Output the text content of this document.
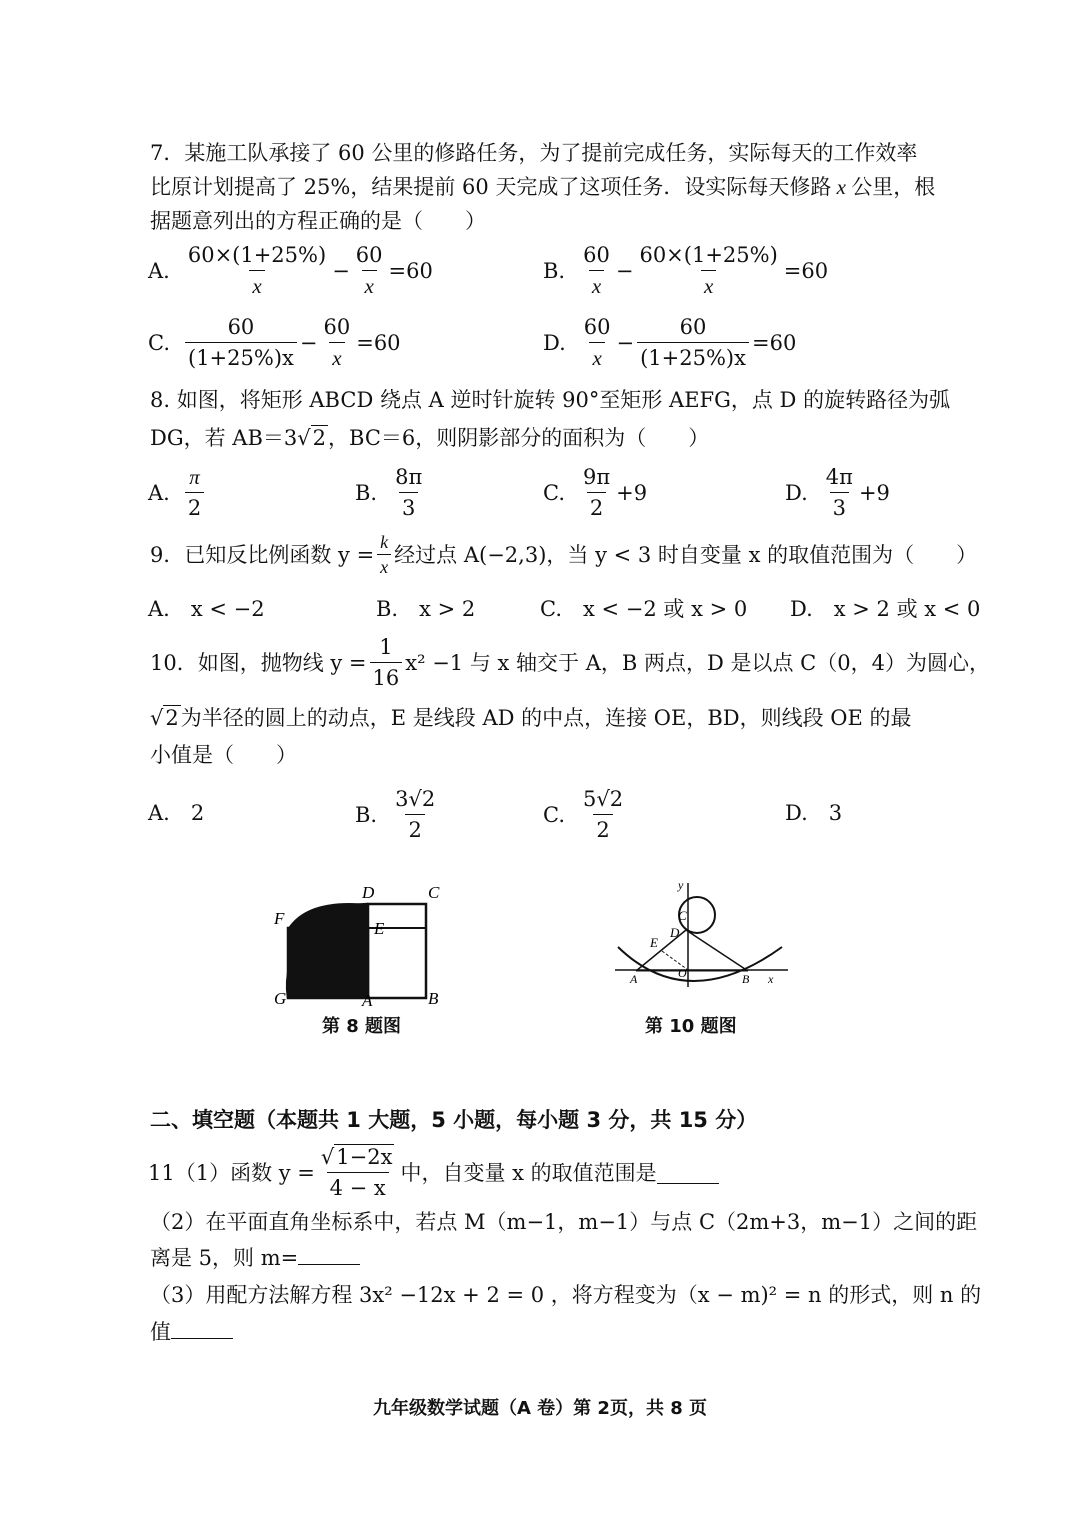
7．某施工队承接了 60 公里的修路任务，为了提前完成任务，实际每天的工作效率
比原计划提高了 25%，结果提前 60 天完成了这项任务．设实际每天修路 x 公里，根
据题意列出的方程正确的是（　　）
A. $\frac{60\times(1+25\%)}{x} - \frac{60}{x} =60$	B. $\frac{60}{x} - \frac{60\times(1+25\%)}{x} =60$
C. $\frac{60}{(1+25\%)x} - \frac{60}{x} =60$	D. $\frac{60}{x} - \frac{60}{(1+25\%)x} =60$
8. 如图，将矩形 ABCD 绕点 A 逆时针旋转 90°至矩形 AEFG，点 D 的旋转路径为弧
DG，若 AB＝3√2，BC＝6，则阴影部分的面积为（　　）
A. $\frac{\pi}{2}$	B. $\frac{8\pi}{3}$	C. $\frac{9\pi}{2} +9$	D. $\frac{4\pi}{3} +9$
9．已知反比例函数 $y = \frac{k}{x}$ 经过点 A(−2,3)，当 y < 3 时自变量 x 的取值范围为（　　）
A.　x < −2	B.　x > 2	C.　x < −2 或 x > 0 D.　x > 2 或 x < 0
10．如图，抛物线 $y = \frac{1}{16} x^2 -1$ 与 x 轴交于 A，B 两点，D 是以点 C（0，4）为圆心，
√2为半径的圆上的动点，E 是线段 AD 的中点，连接 OE，BD，则线段 OE 的最
小值是（　　）
A.　2	B. $\frac{3√2}{2}$	C. $\frac{5√2}{2}$	D.　3
D	C
F
E
G	A	B
第 8 题图
y
C
D
E
A	O	B x
第 10 题图
二、填空题（本题共 1 大题，5 小题，每小题 3 分，共 15 分）
11（1）函数 $y = \frac{√1-2x}{4 - x}$ 中，自变量 x 的取值范围是
（2）在平面直角坐标系中，若点 M（m−1，m−1）与点 C（2m+3，m−1）之间的距
离是 5，则 m=
（3）用配方法解方程 3x² −12x + 2 = 0 ，将方程变为（x − m)² = n 的形式，则 n 的
值
九年级数学试题（A 卷）第 2页，共 8 页
